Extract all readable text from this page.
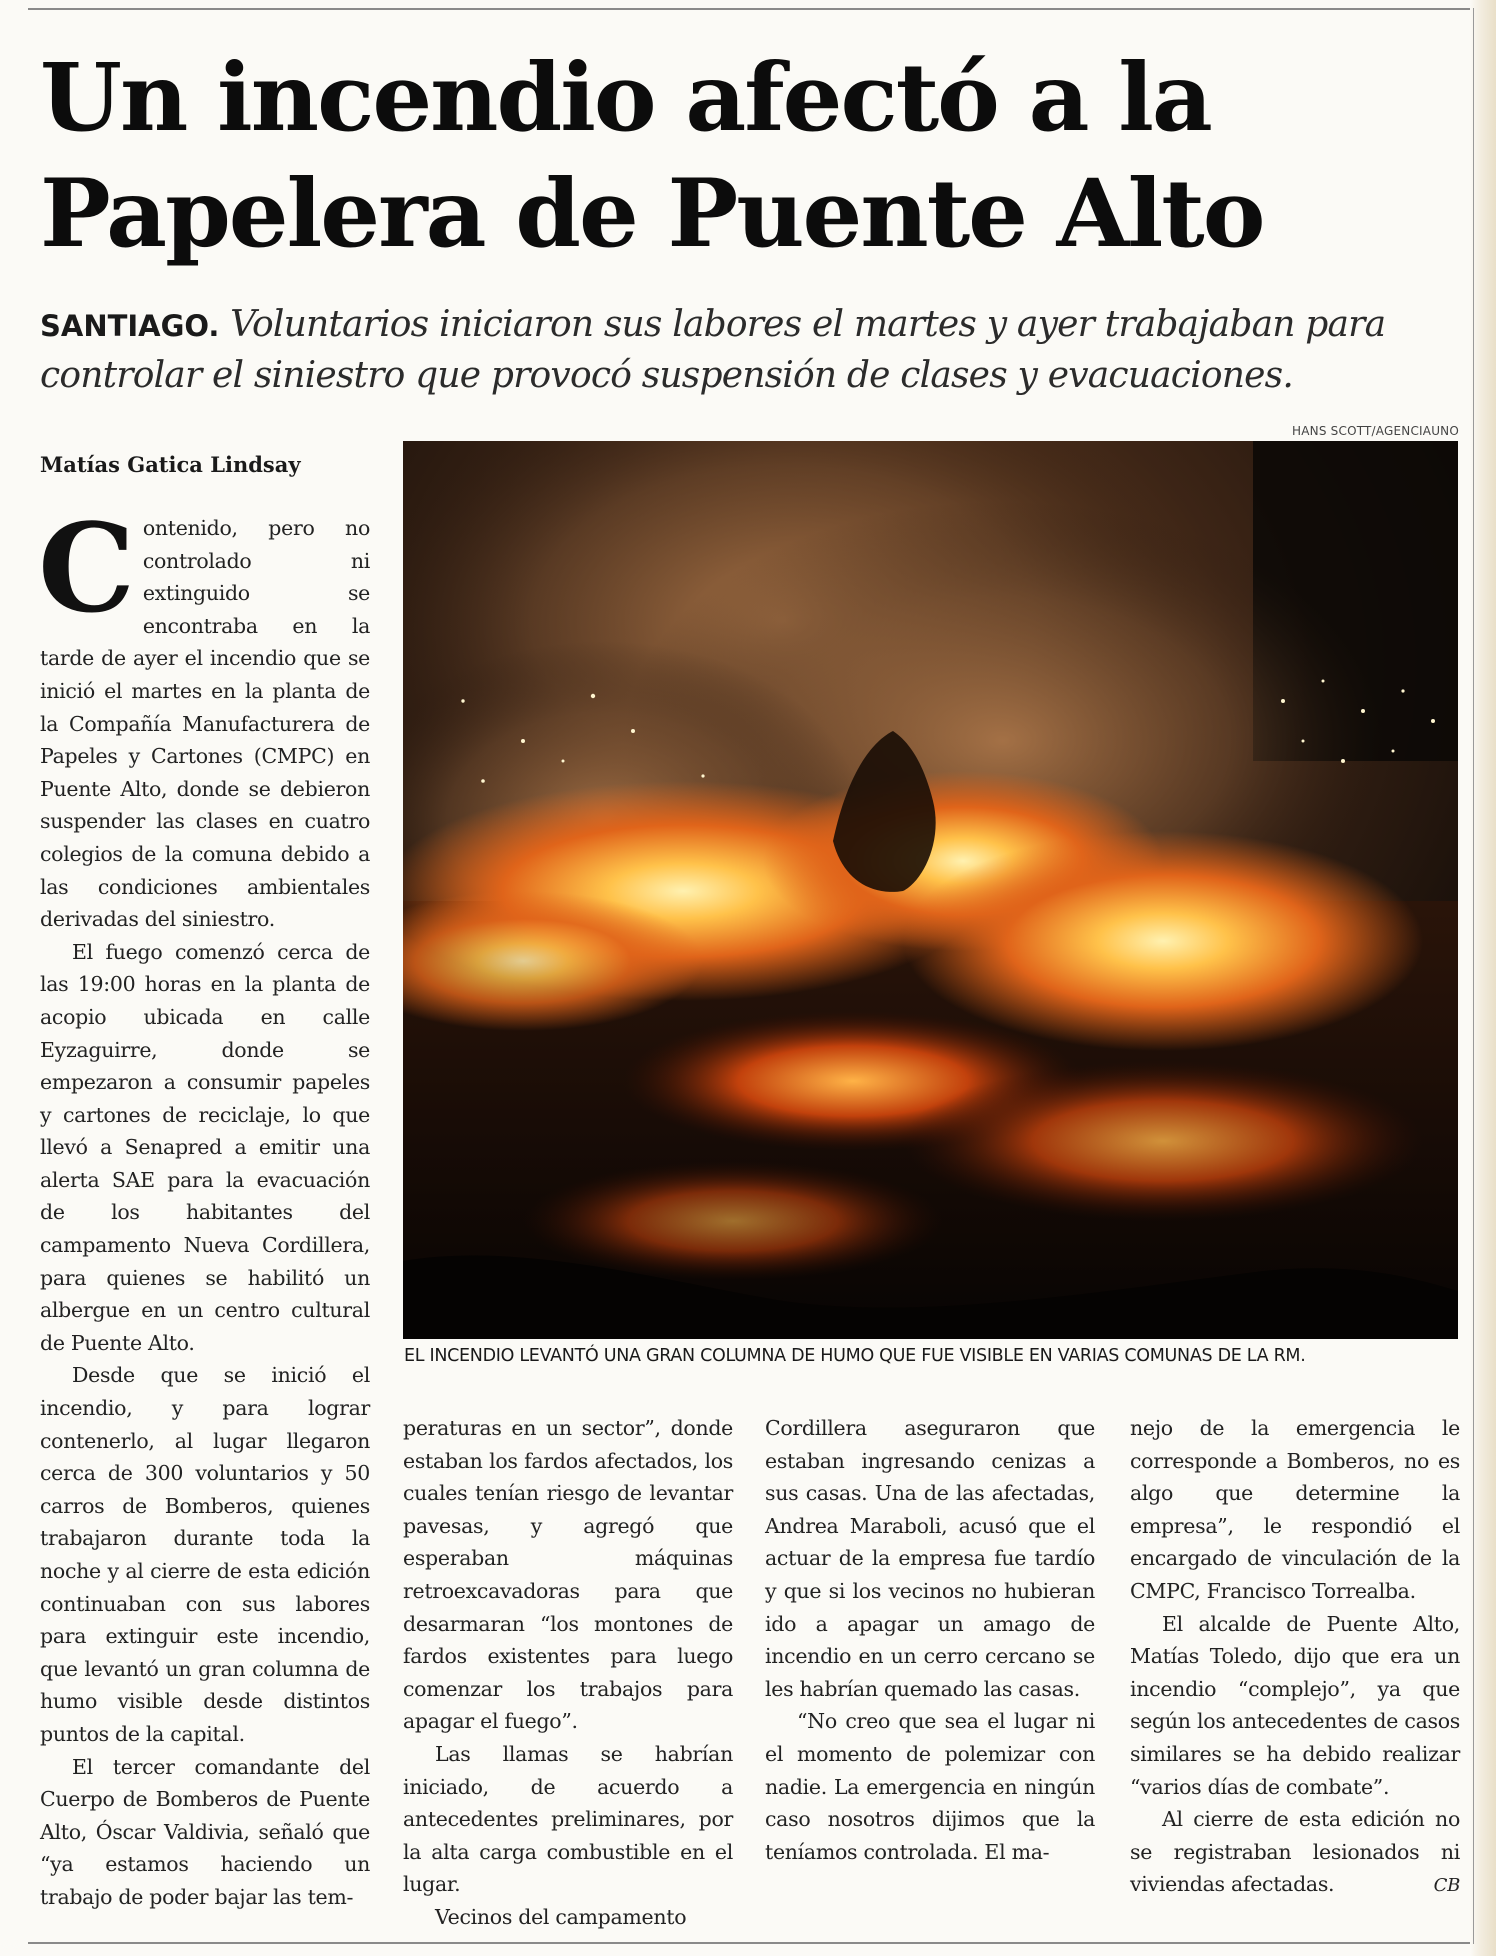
Un incendio afectó a la
Papelera de Puente Alto

SANTIAGO. Voluntarios iniciaron sus labores el martes y ayer trabajaban para controlar el siniestro que provocó suspensión de clases y evacuaciones.

Matías Gatica Lindsay

HANS SCOTT/AGENCIAUNO

EL INCENDIO LEVANTÓ UNA GRAN COLUMNA DE HUMO QUE FUE VISIBLE EN VARIAS COMUNAS DE LA RM.

C ontenido, pero no controlado ni extinguido se encontraba en la tarde de ayer el incendio que se inició el martes en la planta de la Compañía Manufacturera de Papeles y Cartones (CMPC) en Puente Alto, donde se debieron suspender las clases en cuatro colegios de la comuna debido a las condiciones ambientales derivadas del siniestro.

El fuego comenzó cerca de las 19:00 horas en la planta de acopio ubicada en calle Eyzaguirre, donde se empezaron a consumir papeles y cartones de reciclaje, lo que llevó a Senapred a emitir una alerta SAE para la evacuación de los habitantes del campamento Nueva Cordillera, para quienes se habilitó un albergue en un centro cultural de Puente Alto.

Desde que se inició el incendio, y para lograr contenerlo, al lugar llegaron cerca de 300 voluntarios y 50 carros de Bomberos, quienes trabajaron durante toda la noche y al cierre de esta edición continuaban con sus labores para extinguir este incendio, que levantó un gran columna de humo visible desde distintos puntos de la capital.

El tercer comandante del Cuerpo de Bomberos de Puente Alto, Óscar Valdivia, señaló que “ya estamos haciendo un trabajo de poder bajar las tem-

peraturas en un sector”, donde estaban los fardos afectados, los cuales tenían riesgo de levantar pavesas, y agregó que esperaban máquinas retroexcavadoras para que desarmaran “los montones de fardos existentes para luego comenzar los trabajos para apagar el fuego”.

Las llamas se habrían iniciado, de acuerdo a antecedentes preliminares, por la alta carga combustible en el lugar.

Vecinos del campamento

Cordillera aseguraron que estaban ingresando cenizas a sus casas. Una de las afectadas, Andrea Maraboli, acusó que el actuar de la empresa fue tardío y que si los vecinos no hubieran ido a apagar un amago de incendio en un cerro cercano se les habrían quemado las casas.

“No creo que sea el lugar ni el momento de polemizar con nadie. La emergencia en ningún caso nosotros dijimos que la teníamos controlada. El ma-

nejo de la emergencia le corresponde a Bomberos, no es algo que determine la empresa”, le respondió el encargado de vinculación de la CMPC, Francisco Torrealba.

El alcalde de Puente Alto, Matías Toledo, dijo que era un incendio “complejo”, ya que según los antecedentes de casos similares se ha debido realizar “varios días de combate”.

Al cierre de esta edición no se registraban lesionados ni viviendas afectadas.	CB
